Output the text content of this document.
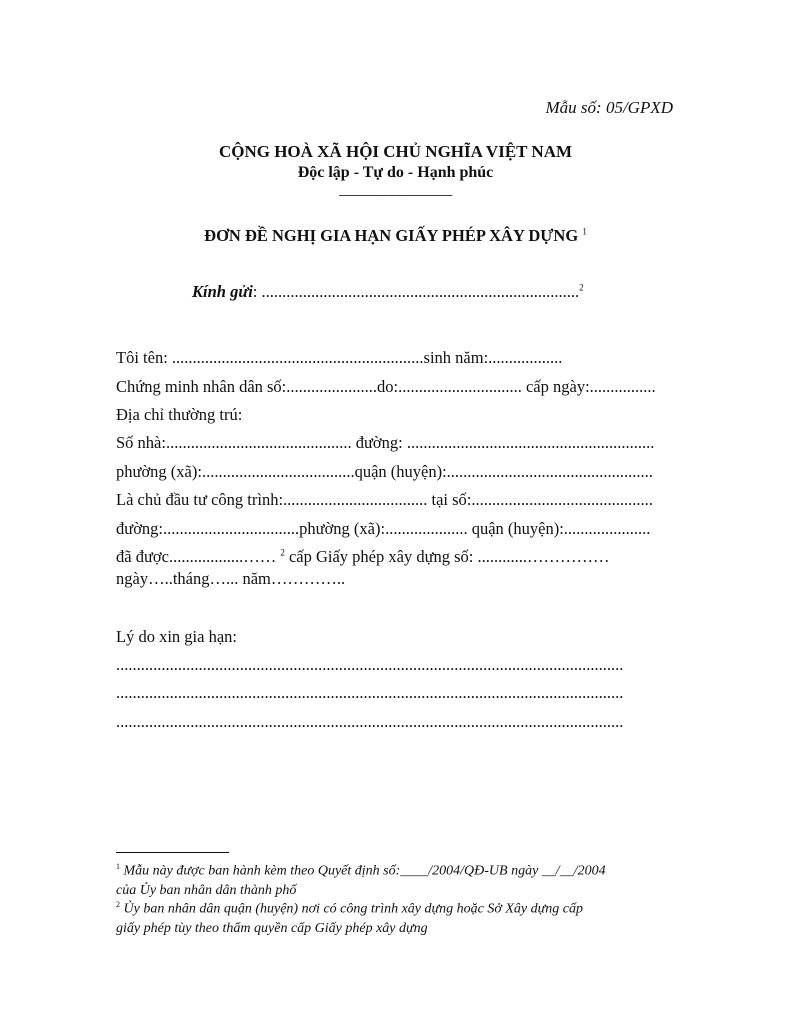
Mẫu số: 05/GPXD
CỘNG HOÀ XÃ HỘI CHỦ NGHĨA VIỆT NAM
Độc lập - Tự do - Hạnh phúc
_______________
ĐƠN ĐỀ NGHỊ GIA HẠN GIẤY PHÉP XÂY DỰNG $^1$
Kính gửi: .............................................................................$^2$
Tôi tên: .............................................................sinh năm:..................
Chứng minh nhân dân số:......................do:.............................. cấp ngày:................
Địa chỉ thường trú:
Số nhà:............................................. đường: ............................................................
phường (xã):.....................................quận (huyện):..................................................
Là chủ đầu tư công trình:................................... tại số:............................................
đường:.................................phường (xã):.................... quận (huyện):.....................
đã được..................…… $^2$ cấp Giấy phép xây dựng số: ............……………
ngày…..tháng…... năm…………..
Lý do xin gia hạn:
...........................................................................................................................
...........................................................................................................................
...........................................................................................................................
$^1$ Mẫu này được ban hành kèm theo Quyết định số:____/2004/QĐ-UB ngày __/__/2004
của Ủy ban nhân dân thành phố
$^2$ Ủy ban nhân dân quận (huyện) nơi có công trình xây dựng hoặc Sở Xây dựng cấp
giấy phép tùy theo thẩm quyền cấp Giấy phép xây dựng
